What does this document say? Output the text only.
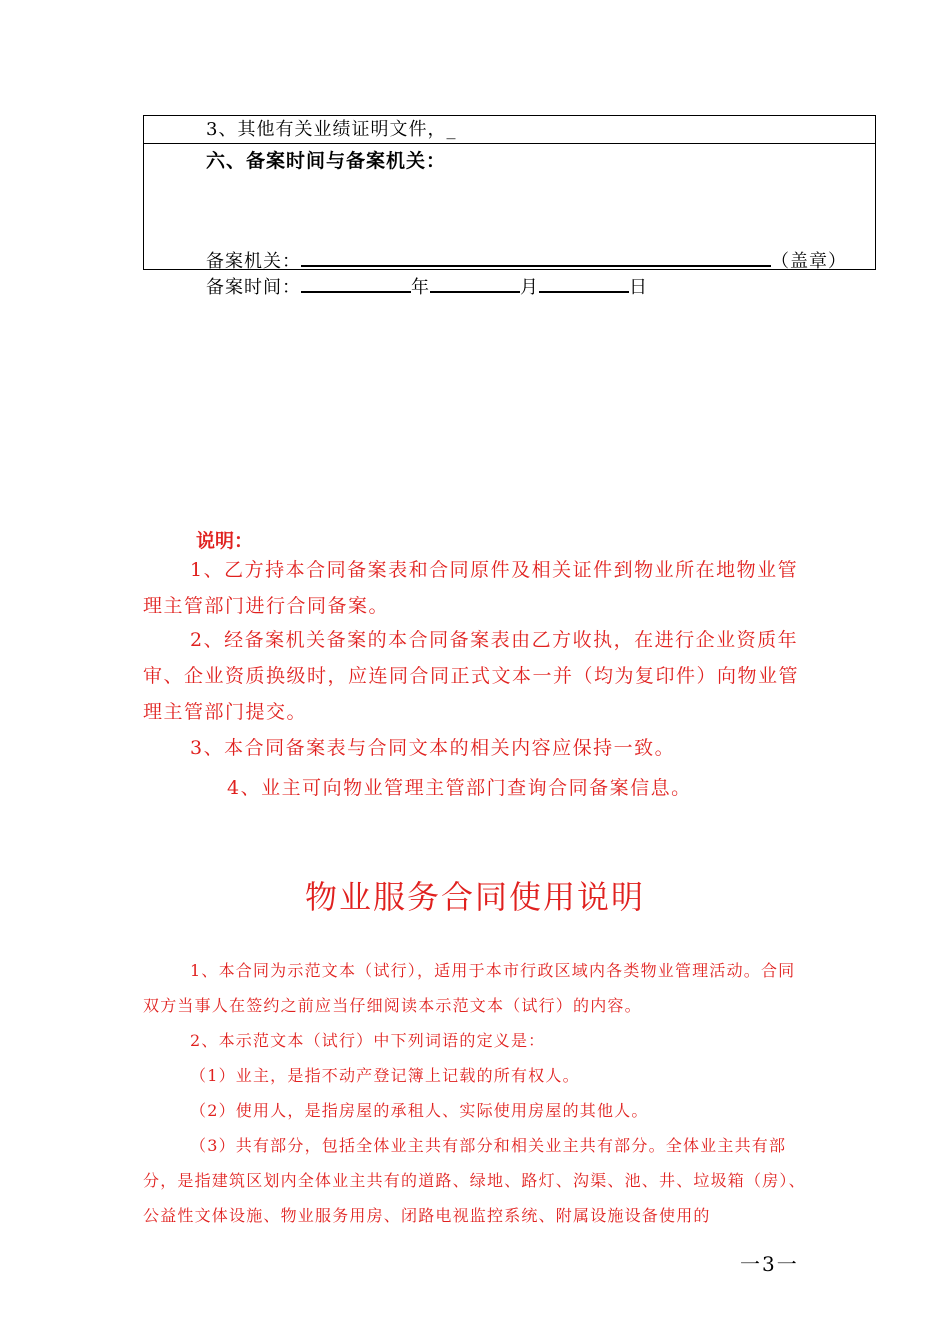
3、其他有关业绩证明文件，_
六、备案时间与备案机关：
备案机关：	（盖章）
备案时间：	年	月	日
说明：
1、乙方持本合同备案表和合同原件及相关证件到物业所在地物业管理主管部门进行合同备案。
2、经备案机关备案的本合同备案表由乙方收执，在进行企业资质年审、企业资质换级时，应连同合同正式文本一并（均为复印件）向物业管理主管部门提交。
3、本合同备案表与合同文本的相关内容应保持一致。
4、业主可向物业管理主管部门查询合同备案信息。
物业服务合同使用说明
1、本合同为示范文本（试行），适用于本市行政区域内各类物业管理活动。合同双方当事人在签约之前应当仔细阅读本示范文本（试行）的内容。
2、本示范文本（试行）中下列词语的定义是：
（1）业主，是指不动产登记簿上记载的所有权人。
（2）使用人，是指房屋的承租人、实际使用房屋的其他人。
（3）共有部分，包括全体业主共有部分和相关业主共有部分。全体业主共有部分，是指建筑区划内全体业主共有的道路、绿地、路灯、沟渠、池、井、垃圾箱（房）、公益性文体设施、物业服务用房、闭路电视监控系统、附属设施设备使用的
一3一
